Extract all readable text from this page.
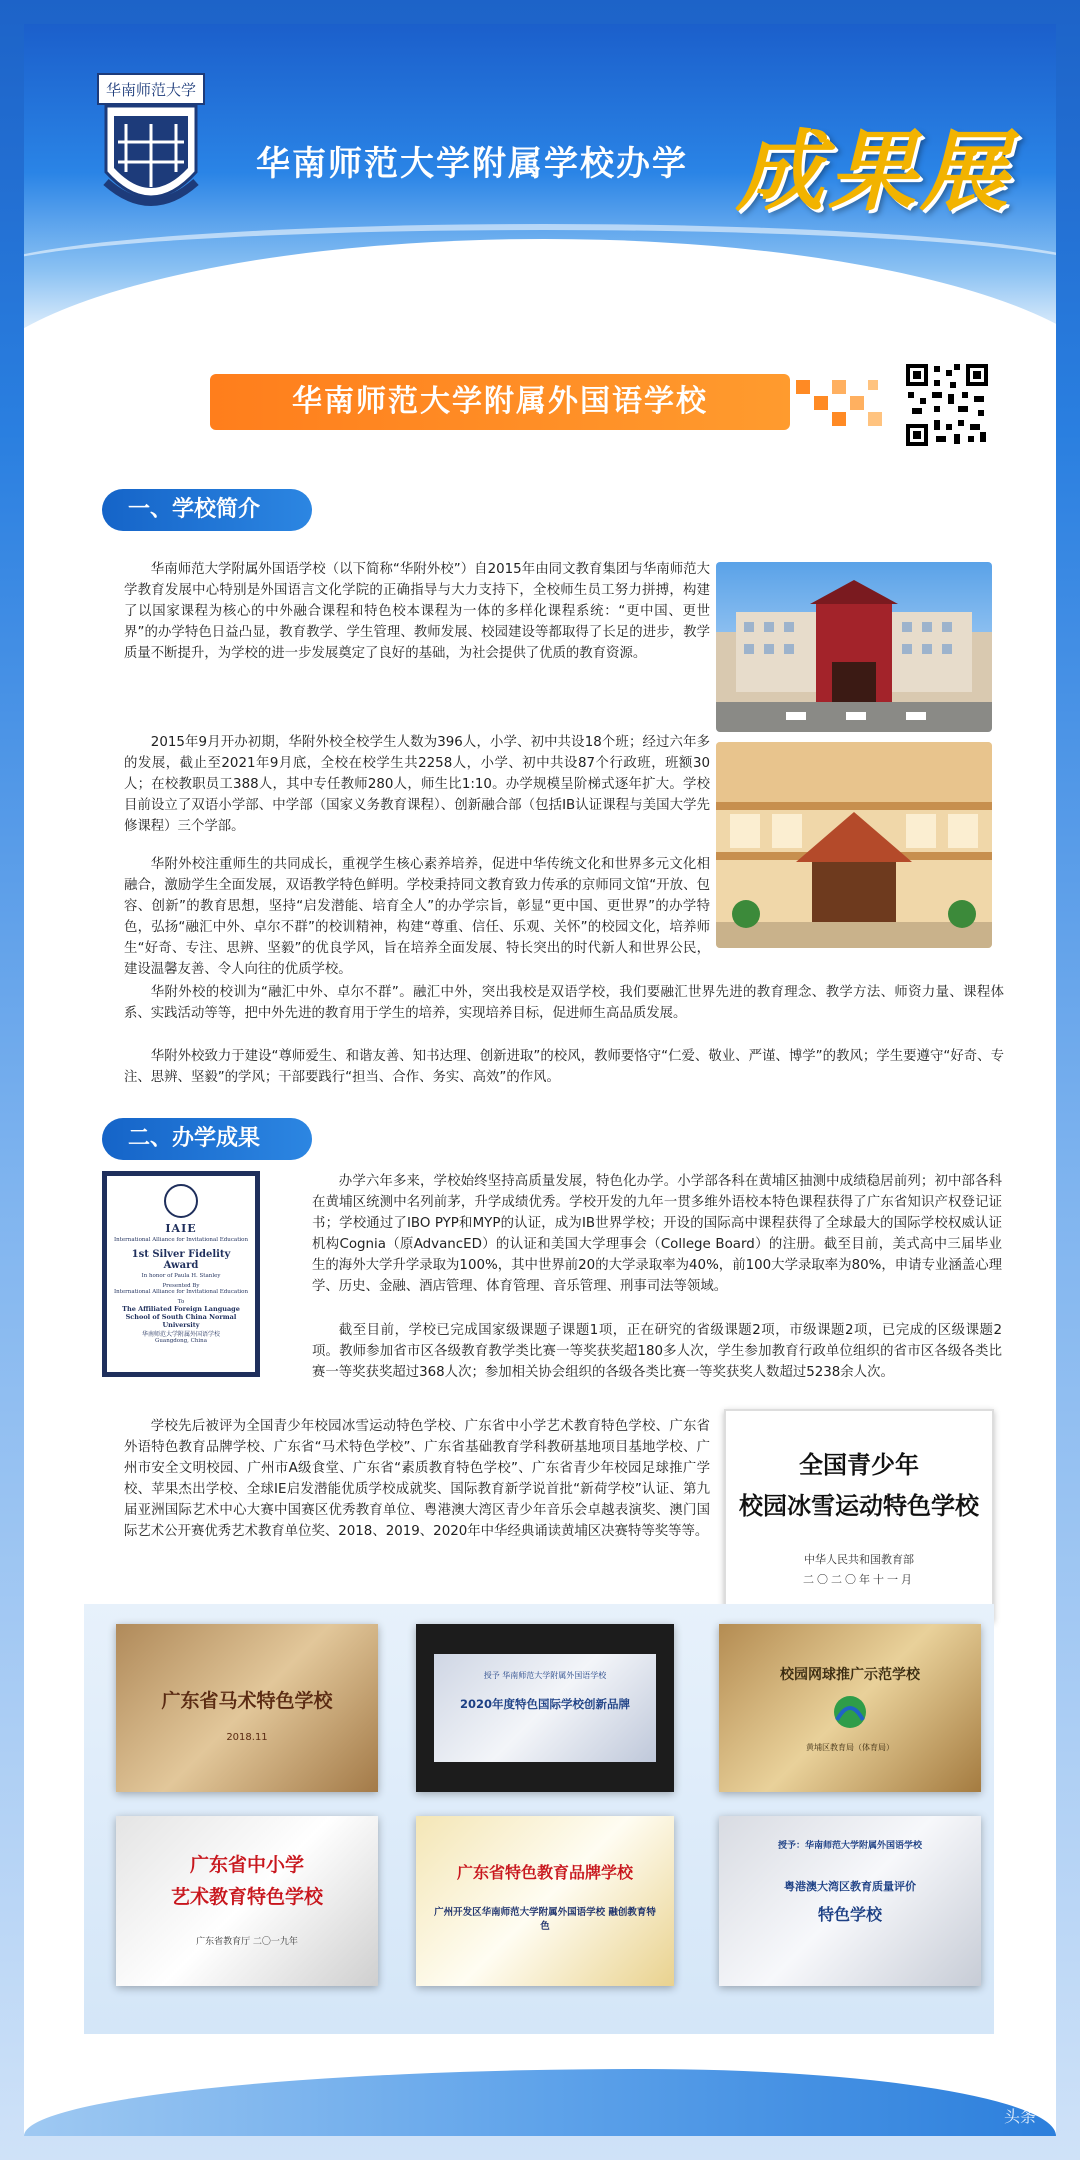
华南师范大学
华南师范大学附属学校办学 成果展
华南师范大学附属外国语学校
一、学校简介

华南师范大学附属外国语学校（以下简称“华附外校”）自2015年由同文教育集团与华南师范大学教育发展中心特别是外国语言文化学院的正确指导与大力支持下，全校师生员工努力拼搏，构建了以国家课程为核心的中外融合课程和特色校本课程为一体的多样化课程系统：“更中国、更世界”的办学特色日益凸显，教育教学、学生管理、教师发展、校园建设等都取得了长足的进步，教学质量不断提升，为学校的进一步发展奠定了良好的基础，为社会提供了优质的教育资源。

2015年9月开办初期，华附外校全校学生人数为396人，小学、初中共设18个班；经过六年多的发展，截止至2021年9月底，全校在校学生共2258人，小学、初中共设87个行政班，班额30人；在校教职员工388人，其中专任教师280人，师生比1:10。办学规模呈阶梯式逐年扩大。学校目前设立了双语小学部、中学部（国家义务教育课程）、创新融合部（包括IB认证课程与美国大学先修课程）三个学部。

华附外校注重师生的共同成长，重视学生核心素养培养，促进中华传统文化和世界多元文化相融合，激励学生全面发展，双语教学特色鲜明。学校秉持同文教育致力传承的京师同文馆“开放、包容、创新”的教育思想，坚持“启发潜能、培育全人”的办学宗旨，彰显“更中国、更世界”的办学特色，弘扬“融汇中外、卓尔不群”的校训精神，构建“尊重、信任、乐观、关怀”的校园文化，培养师生“好奇、专注、思辨、坚毅”的优良学风，旨在培养全面发展、特长突出的时代新人和世界公民，建设温馨友善、令人向往的优质学校。

华附外校的校训为“融汇中外、卓尔不群”。融汇中外，突出我校是双语学校，我们要融汇世界先进的教育理念、教学方法、师资力量、课程体系、实践活动等等，把中外先进的教育用于学生的培养，实现培养目标，促进师生高品质发展。

华附外校致力于建设“尊师爱生、和谐友善、知书达理、创新进取”的校风，教师要恪守“仁爱、敬业、严谨、博学”的教风；学生要遵守“好奇、专注、思辨、坚毅”的学风；干部要践行“担当、合作、务实、高效”的作风。

二、办学成果
IAIE
International Alliance for Invitational Education
1st Silver Fidelity Award
In honor of Paula H. Stanley
Presented By
International Alliance for Invitational Education
To
The Affiliated Foreign Language School of South China Normal University
华南师范大学附属外国语学校
Guangdong, China

办学六年多来，学校始终坚持高质量发展，特色化办学。小学部各科在黄埔区抽测中成绩稳居前列；初中部各科在黄埔区统测中名列前茅，升学成绩优秀。学校开发的九年一贯多维外语校本特色课程获得了广东省知识产权登记证书；学校通过了IBO PYP和MYP的认证，成为IB世界学校；开设的国际高中课程获得了全球最大的国际学校权威认证机构Cognia（原AdvancED）的认证和美国大学理事会（College Board）的注册。截至目前，美式高中三届毕业生的海外大学升学录取为100%，其中世界前20的大学录取率为40%，前100大学录取率为80%，申请专业涵盖心理学、历史、金融、酒店管理、体育管理、音乐管理、刑事司法等领域。

截至目前，学校已完成国家级课题子课题1项，正在研究的省级课题2项，市级课题2项，已完成的区级课题2项。教师参加省市区各级教育教学类比赛一等奖获奖超180多人次，学生参加教育行政单位组织的省市区各级各类比赛一等奖获奖超过368人次；参加相关协会组织的各级各类比赛一等奖获奖人数超过5238余人次。

学校先后被评为全国青少年校园冰雪运动特色学校、广东省中小学艺术教育特色学校、广东省外语特色教育品牌学校、广东省“马术特色学校”、广东省基础教育学科教研基地项目基地学校、广州市安全文明校园、广州市A级食堂、广东省“素质教育特色学校”、广东省青少年校园足球推广学校、苹果杰出学校、全球IE启发潜能优质学校成就奖、国际教育新学说首批“新荷学校”认证、第九届亚洲国际艺术中心大赛中国赛区优秀教育单位、粤港澳大湾区青少年音乐会卓越表演奖、澳门国际艺术公开赛优秀艺术教育单位奖、2018、2019、2020年中华经典诵读黄埔区决赛特等奖等等。

全国青少年
校园冰雪运动特色学校
中华人民共和国教育部
二〇二〇年十一月
广东省马术特色学校
2018.11
授予 华南师范大学附属外国语学校
2020年度特色国际学校创新品牌
校园网球推广示范学校
黄埔区教育局（体育局）
广东省中小学
艺术教育特色学校
广东省教育厅 二〇一九年
广东省特色教育品牌学校
广州开发区华南师范大学附属外国语学校 融创教育特色
授予：华南师范大学附属外国语学校
粤港澳大湾区教育质量评价
特色学校
头条
